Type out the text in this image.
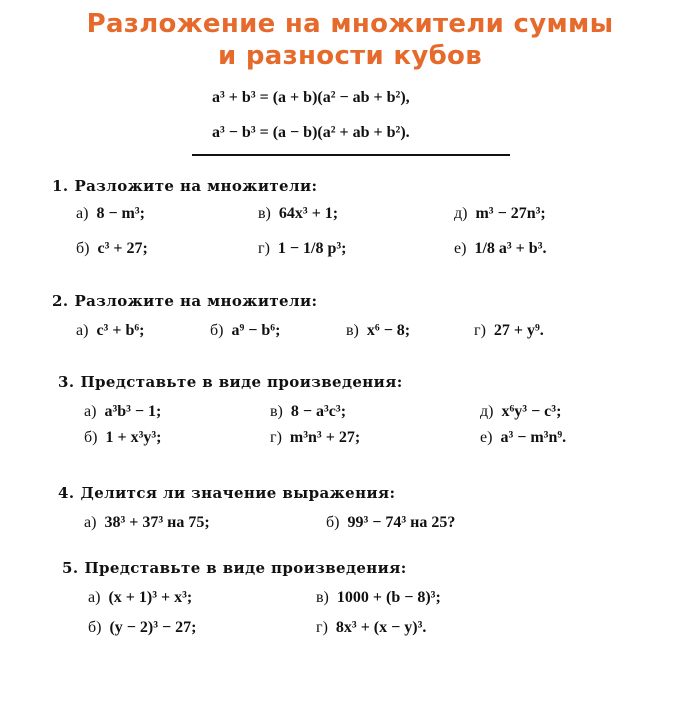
Разложение на множители суммы
и разности кубов
a³ + b³ = (a + b)(a² − ab + b²),
a³ − b³ = (a − b)(a² + ab + b²).
1. Разложите на множители:
а) 8 − m³;	в) 64x³ + 1;	д) m³ − 27n³;
б) c³ + 27;	г) 1 − 1/8 p³;	е) 1/8 a³ + b³.
2. Разложите на множители:
а) c³ + b⁶;	б) a⁹ − b⁶;	в) x⁶ − 8;	г) 27 + y⁹.
3. Представьте в виде произведения:
а) a³b³ − 1;	в) 8 − a³c³;	д) x⁶y³ − c³;
б) 1 + x³y³;	г) m³n³ + 27;	е) a³ − m³n⁹.
4. Делится ли значение выражения:
а) 38³ + 37³ на 75;	б) 99³ − 74³ на 25?
5. Представьте в виде произведения:
а) (x + 1)³ + x³;	в) 1000 + (b − 8)³;
б) (y − 2)³ − 27;	г) 8x³ + (x − y)³.
